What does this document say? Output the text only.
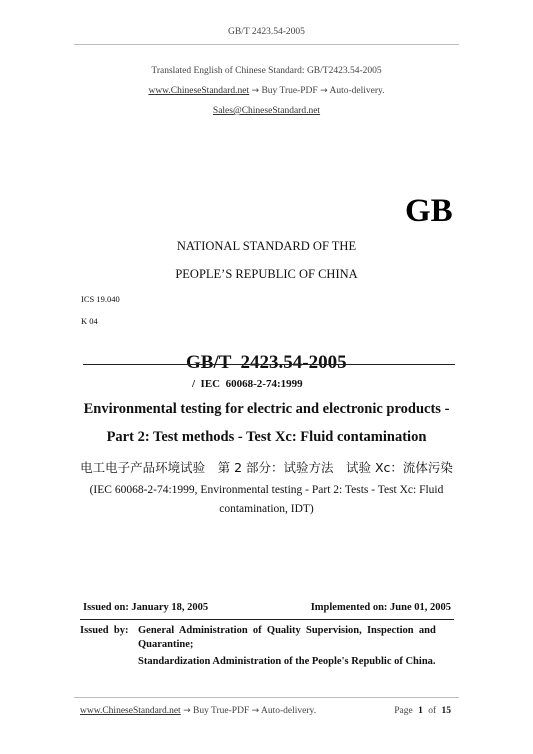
GB/T 2423.54-2005
Translated English of Chinese Standard: GB/T2423.54-2005
www.ChineseStandard.net → Buy True-PDF → Auto-delivery.
Sales@ChineseStandard.net
GB
NATIONAL STANDARD OF THE
PEOPLE’S REPUBLIC OF CHINA
ICS 19.040
K 04

GB/T  2423.54-2005
/  IEC  60068-2-74:1999

Environmental testing for electric and electronic products -
Part 2: Test methods - Test Xc: Fluid contamination
电工电子产品环境试验　第 2 部分：试验方法　试验 Xc：流体污染
(IEC 60068-2-74:1999, Environmental testing - Part 2: Tests - Test Xc: Fluid
contamination, IDT)
Issued on: January 18, 2005	Implemented on: June 01, 2005
Issued  by: General  Administration  of  Quality  Supervision,  Inspection  and
Quarantine;
Standardization Administration of the People's Republic of China.
www.ChineseStandard.net → Buy True-PDF → Auto-delivery.	Page 1 of 15
